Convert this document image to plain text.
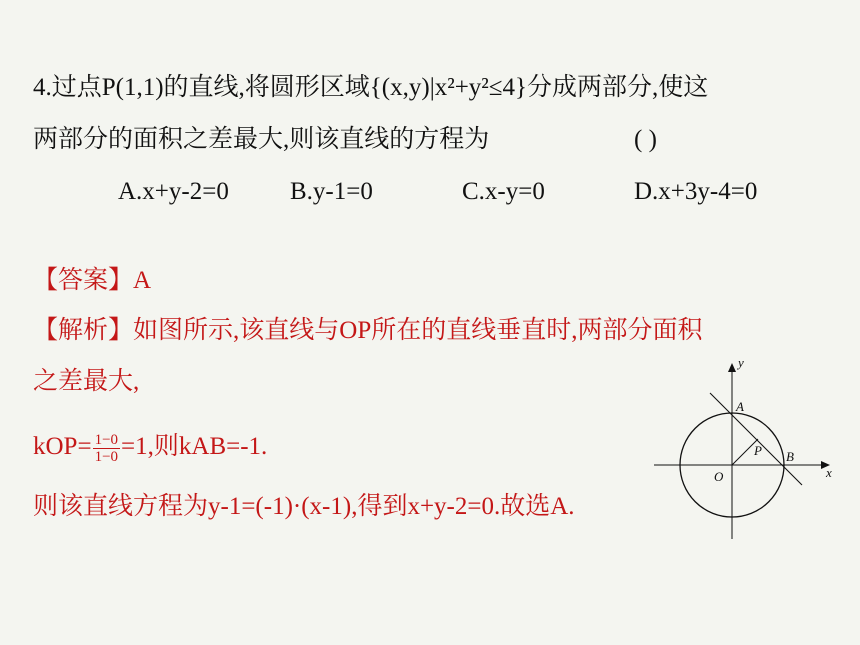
4.过点P(1,1)的直线,将圆形区域{(x,y)|x²+y²≤4}分成两部分,使这
两部分的面积之差最大,则该直线的方程为	( )
A.x+y-2=0 B.y-1=0	C.x-y=0	D.x+3y-4=0
【答案】A
【解析】如图所示,该直线与OP所在的直线垂直时,两部分面积
之差最大,
$kOP= \frac{1-0}{1-0} =1$,则kAB=-1.
则该直线方程为y-1=(-1)·(x-1),得到x+y-2=0.故选A.
y
x
O
A
B
P
